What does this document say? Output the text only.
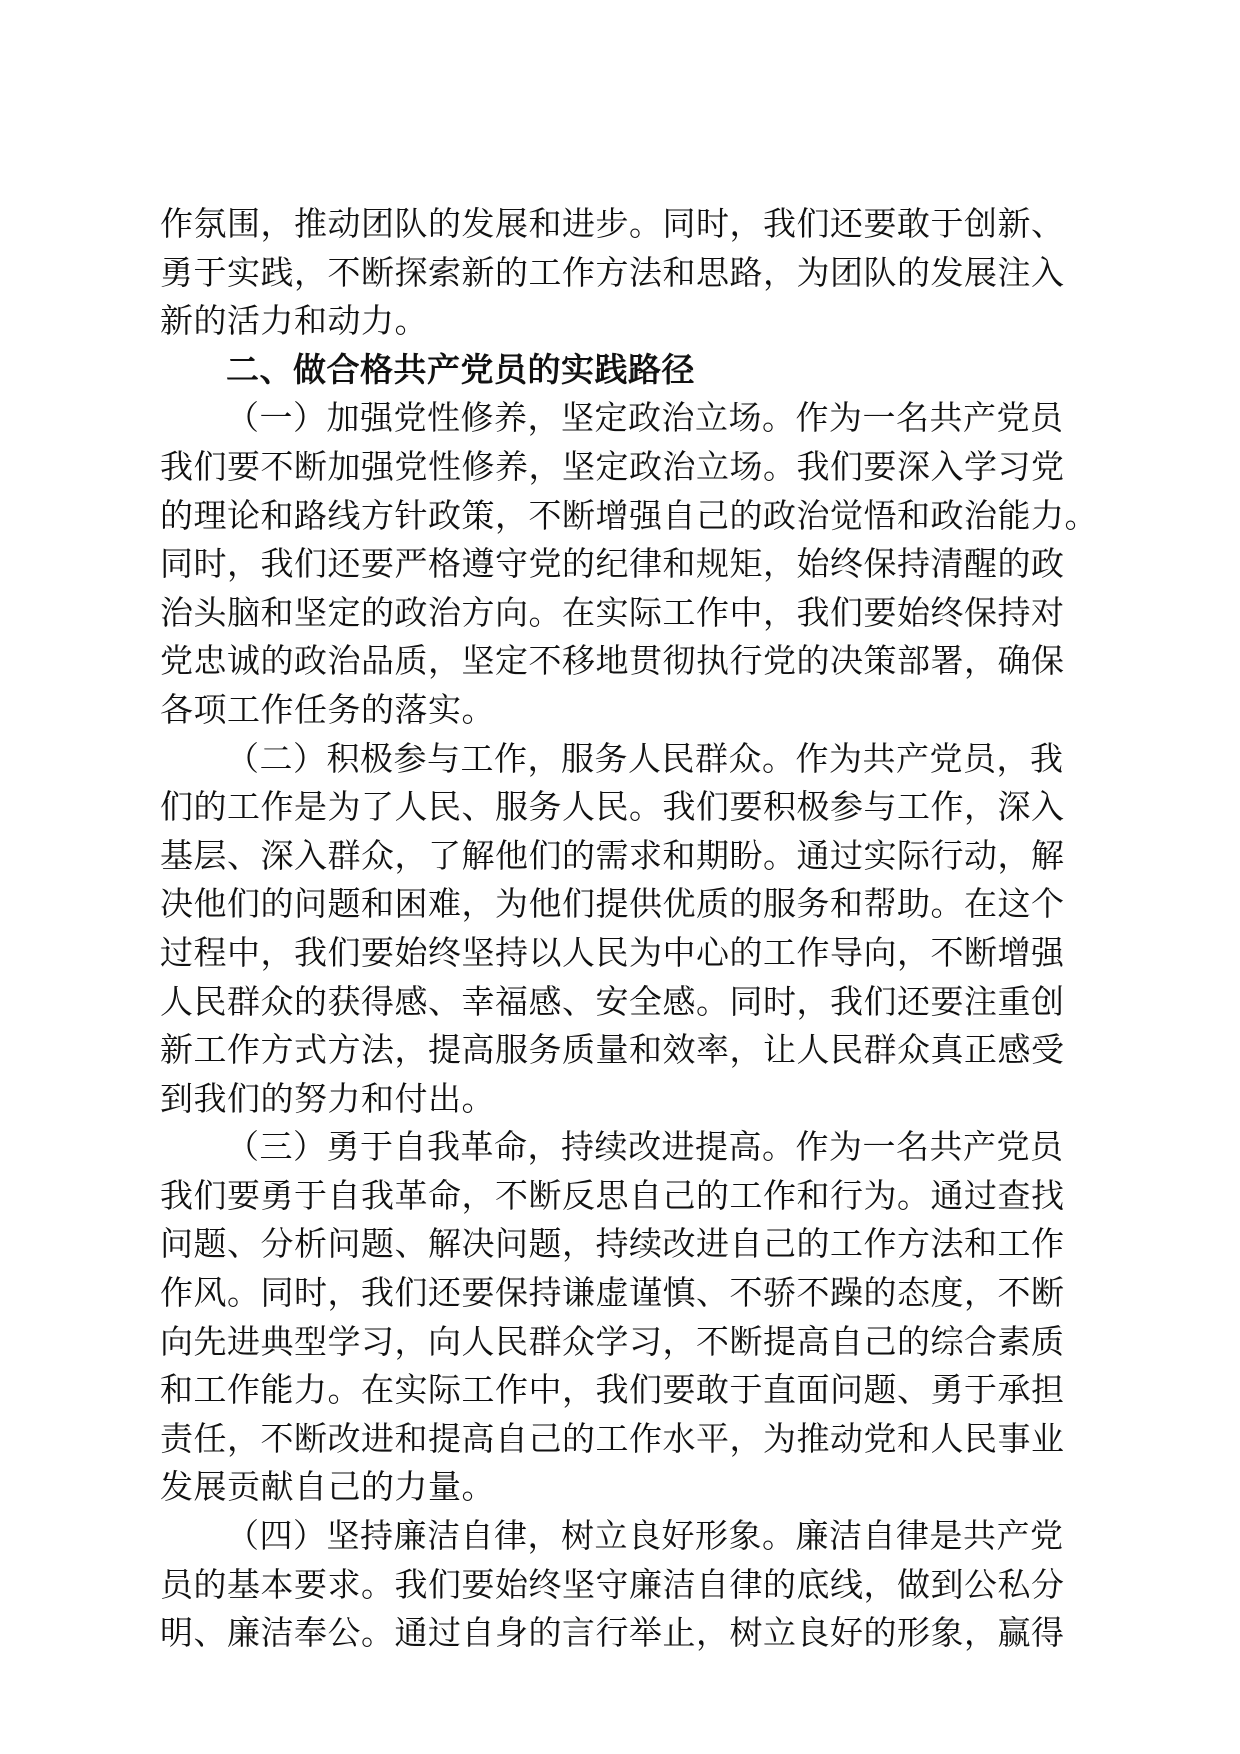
作氛围，推动团队的发展和进步。同时，我们还要敢于创新、
勇于实践，不断探索新的工作方法和思路，为团队的发展注入
新的活力和动力。
二、做合格共产党员的实践路径
（一）加强党性修养，坚定政治立场。作为一名共产党员
我们要不断加强党性修养，坚定政治立场。我们要深入学习党
的理论和路线方针政策，不断增强自己的政治觉悟和政治能力。
同时，我们还要严格遵守党的纪律和规矩，始终保持清醒的政
治头脑和坚定的政治方向。在实际工作中，我们要始终保持对
党忠诚的政治品质，坚定不移地贯彻执行党的决策部署，确保
各项工作任务的落实。
（二）积极参与工作，服务人民群众。作为共产党员，我
们的工作是为了人民、服务人民。我们要积极参与工作，深入
基层、深入群众，了解他们的需求和期盼。通过实际行动，解
决他们的问题和困难，为他们提供优质的服务和帮助。在这个
过程中，我们要始终坚持以人民为中心的工作导向，不断增强
人民群众的获得感、幸福感、安全感。同时，我们还要注重创
新工作方式方法，提高服务质量和效率，让人民群众真正感受
到我们的努力和付出。
（三）勇于自我革命，持续改进提高。作为一名共产党员
我们要勇于自我革命，不断反思自己的工作和行为。通过查找
问题、分析问题、解决问题，持续改进自己的工作方法和工作
作风。同时，我们还要保持谦虚谨慎、不骄不躁的态度，不断
向先进典型学习，向人民群众学习，不断提高自己的综合素质
和工作能力。在实际工作中，我们要敢于直面问题、勇于承担
责任，不断改进和提高自己的工作水平，为推动党和人民事业
发展贡献自己的力量。
（四）坚持廉洁自律，树立良好形象。廉洁自律是共产党
员的基本要求。我们要始终坚守廉洁自律的底线，做到公私分
明、廉洁奉公。通过自身的言行举止，树立良好的形象，赢得
